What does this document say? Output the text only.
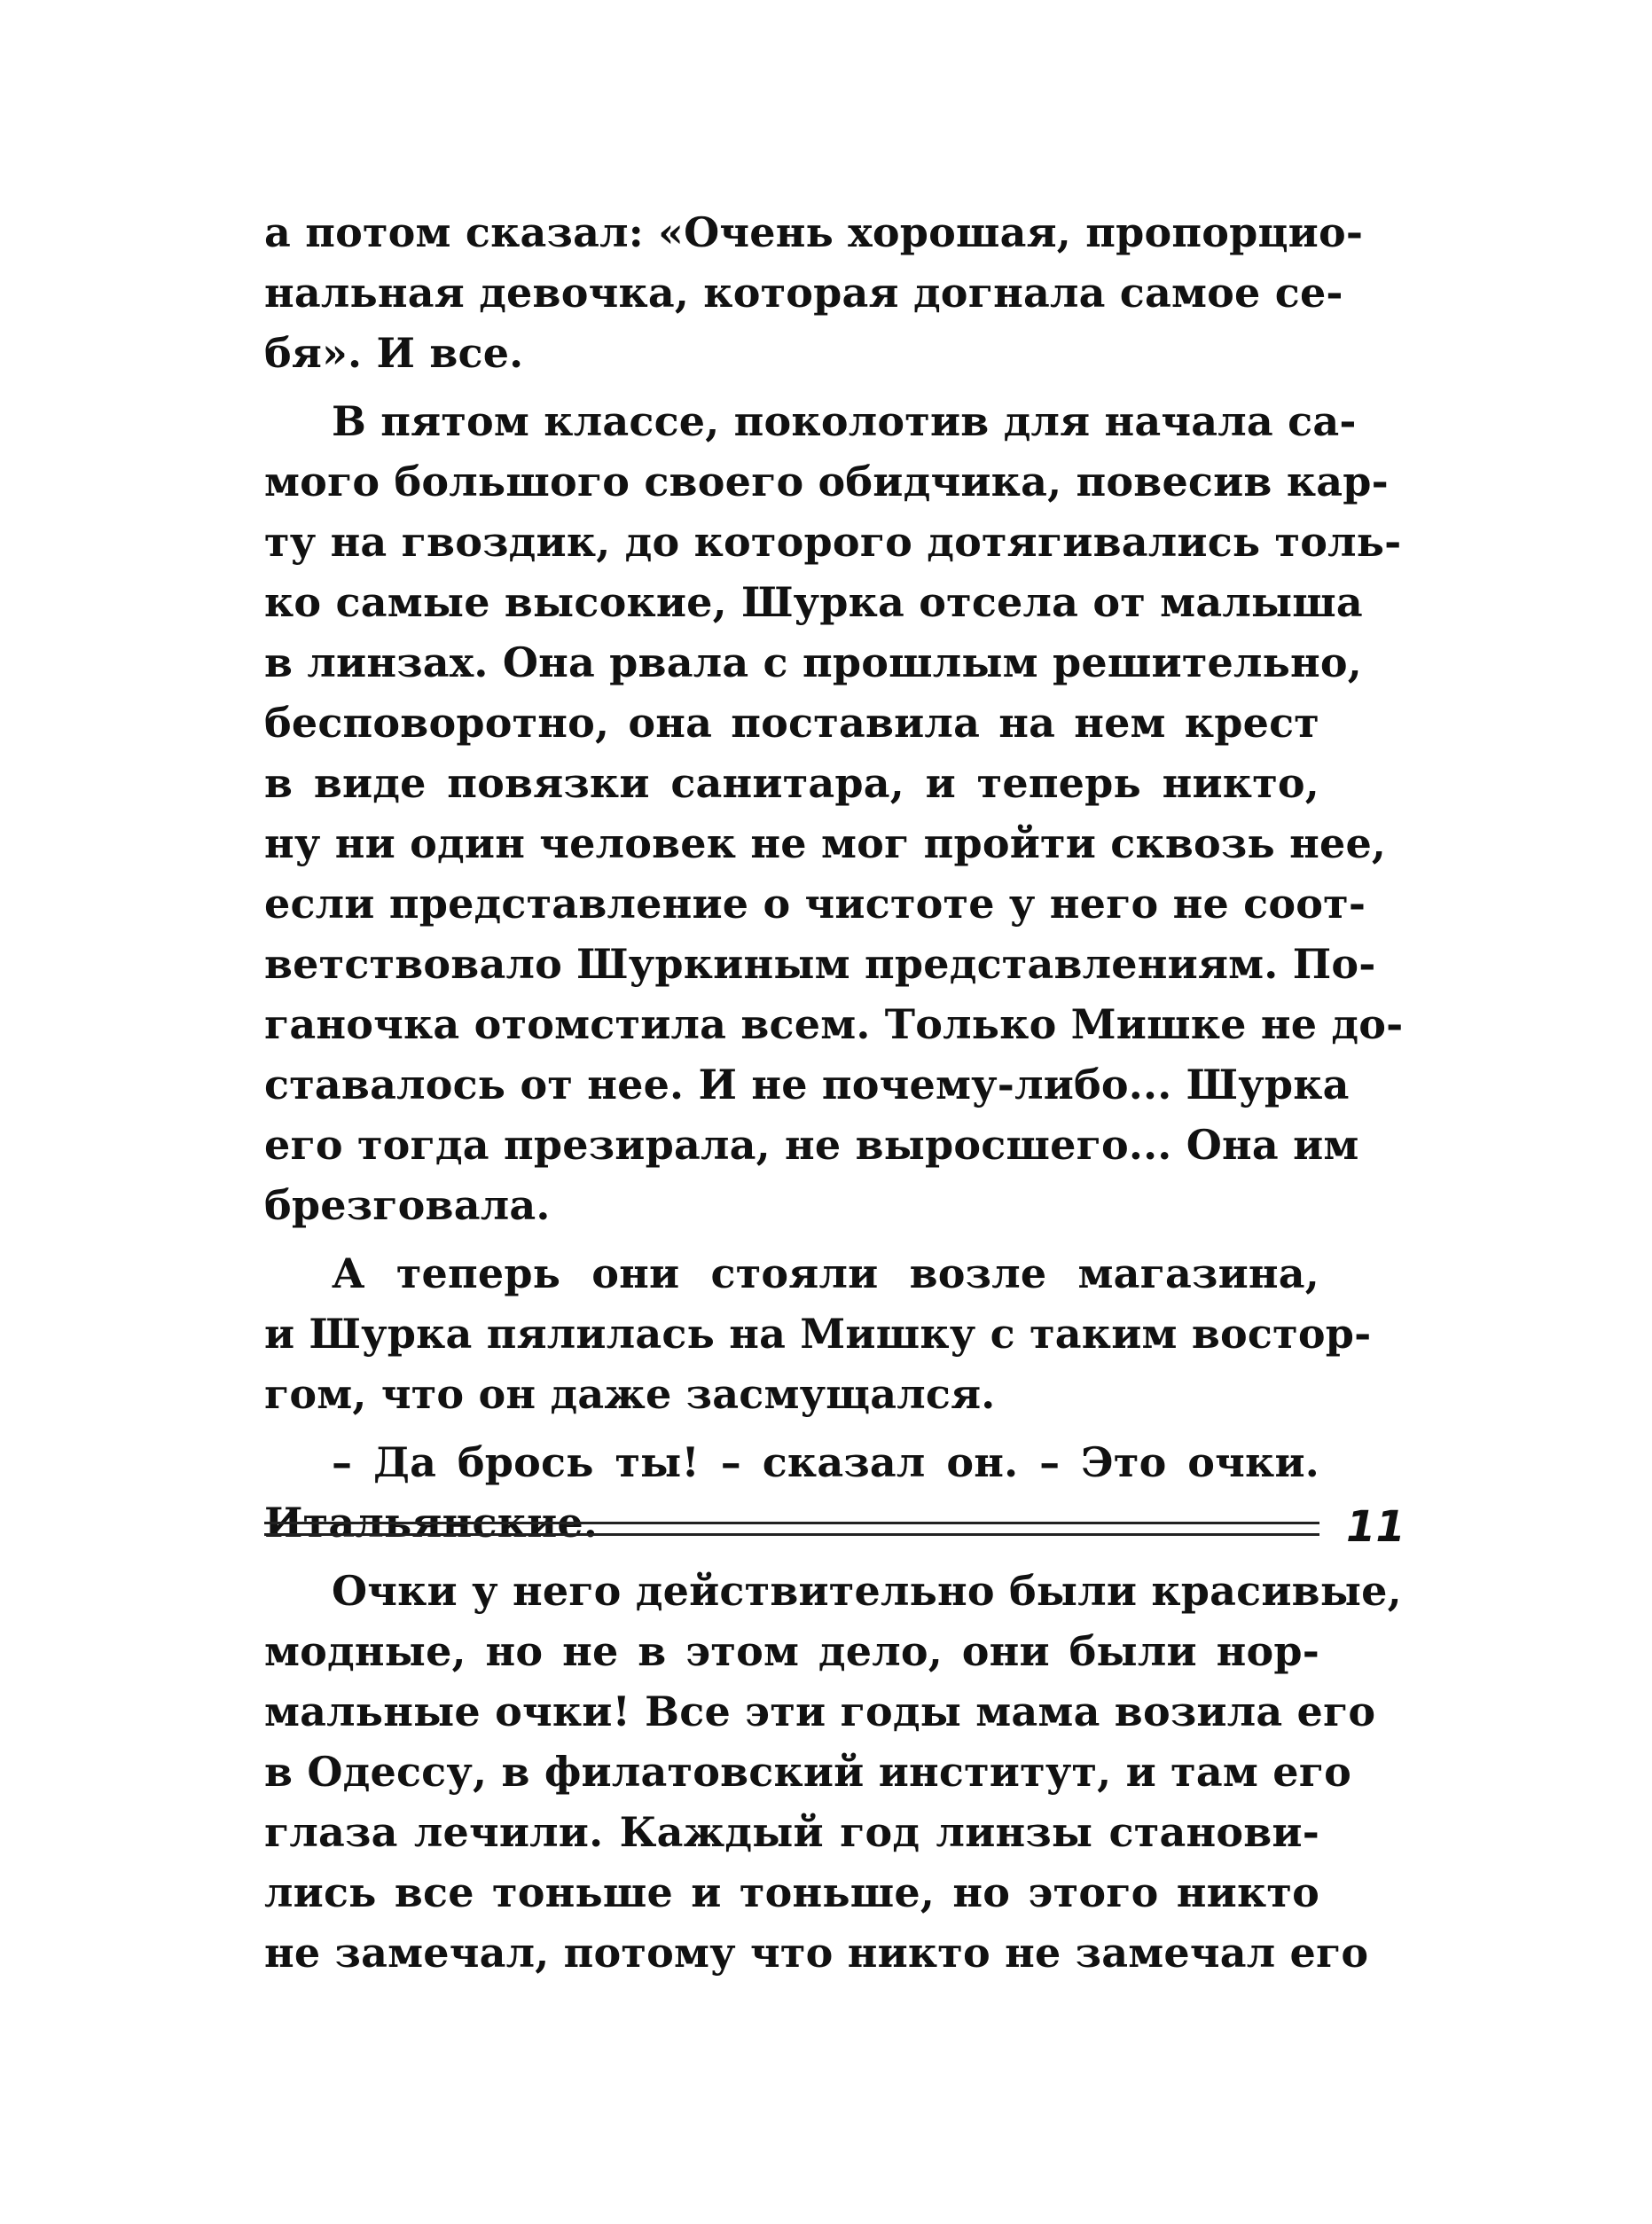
а потом сказал: «Очень хорошая, пропорцио-
нальная девочка, которая догнала самое се-
бя». И все.
В пятом классе, поколотив для начала са-
мого большого своего обидчика, повесив кар-
ту на гвоздик, до которого дотягивались толь-
ко самые высокие, Шурка отсела от малыша
в линзах. Она рвала с прошлым решительно,
бесповоротно, она поставила на нем крест
в виде повязки санитара, и теперь никто,
ну ни один человек не мог пройти сквозь нее,
если представление о чистоте у него не соот-
ветствовало Шуркиным представлениям. По-
ганочка отомстила всем. Только Мишке не до-
ставалось от нее. И не почему-либо... Шурка
его тогда презирала, не выросшего... Она им
брезговала.
А теперь они стояли возле магазина,
и Шурка пялилась на Мишку с таким востор-
гом, что он даже засмущался.
– Да брось ты! – сказал он. – Это очки.
Итальянские.
Очки у него действительно были красивые,
модные, но не в этом дело, они были нор-
мальные очки! Все эти годы мама возила его
в Одессу, в филатовский институт, и там его
глаза лечили. Каждый год линзы станови-
лись все тоньше и тоньше, но этого никто
не замечал, потому что никто не замечал его
11
